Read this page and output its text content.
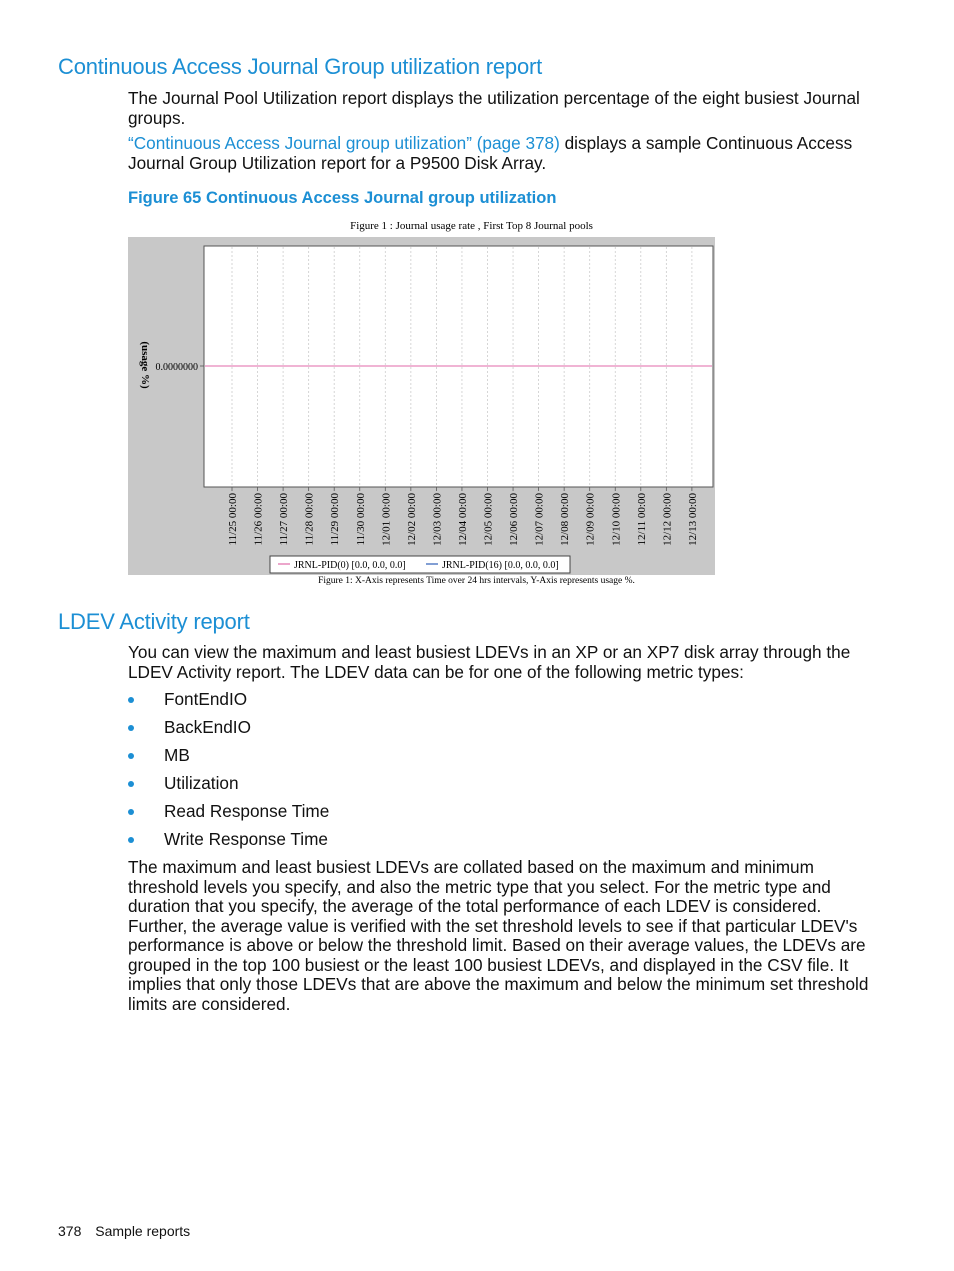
Continuous Access Journal Group utilization report

The Journal Pool Utilization report displays the utilization percentage of the eight busiest Journal groups.

“Continuous Access Journal group utilization” (page 378) displays a sample Continuous Access Journal Group Utilization report for a P9500 Disk Array.

Figure 65 Continuous Access Journal group utilization

Figure 1 : Journal usage rate , First Top 8 Journal pools
(usage %) 0.0000000
11/25 00:00 11/26 00:00 11/27 00:00 11/28 00:00 11/29 00:00 11/30 00:00 12/01 00:00 12/02 00:00 12/03 00:00 12/04 00:00 12/05 00:00 12/06 00:00 12/07 00:00 12/08 00:00 12/09 00:00 12/10 00:00 12/11 00:00 12/12 00:00 12/13 00:00
JRNL-PID(0) [0.0, 0.0, 0.0]	JRNL-PID(16) [0.0, 0.0, 0.0]
Figure 1: X-Axis represents Time over 24 hrs intervals, Y-Axis represents usage %.
LDEV Activity report

You can view the maximum and least busiest LDEVs in an XP or an XP7 disk array through the LDEV Activity report. The LDEV data can be for one of the following metric types:

FontEndIO
BackEndIO
MB
Utilization
Read Response Time
Write Response Time

The maximum and least busiest LDEVs are collated based on the maximum and minimum threshold levels you specify, and also the metric type that you select. For the metric type and duration that you specify, the average of the total performance of each LDEV is considered. Further, the average value is verified with the set threshold levels to see if that particular LDEV's performance is above or below the threshold limit. Based on their average values, the LDEVs are grouped in the top 100 busiest or the least 100 busiest LDEVs, and displayed in the CSV file. It implies that only those LDEVs that are above the maximum and below the minimum set threshold limits are considered.

378 Sample reports
